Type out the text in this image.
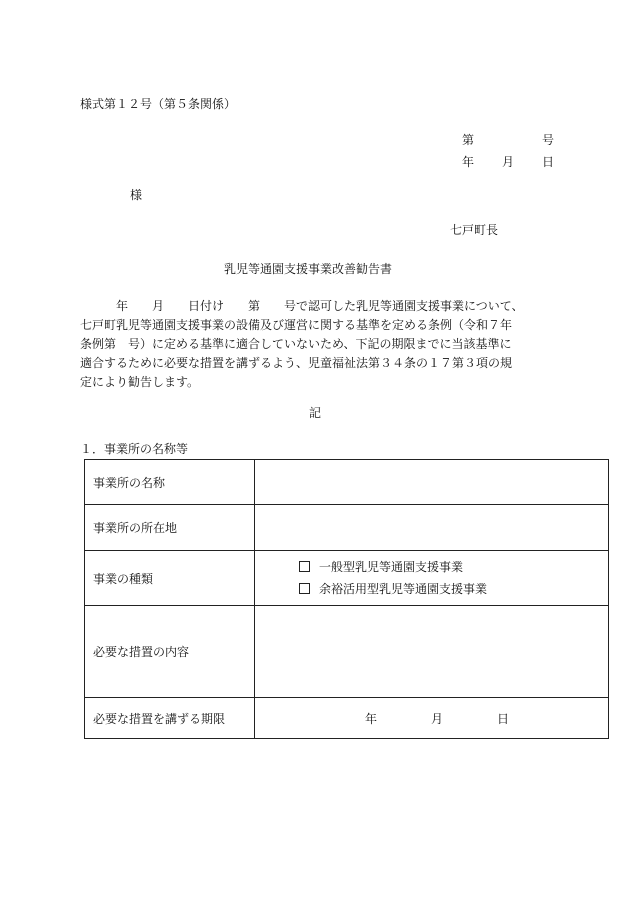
様式第１２号（第５条関係）
第	号
年 月 日
様
七戸町長
乳児等通園支援事業改善勧告書
　　　年　　月　　日付け　　第　　号で認可した乳児等通園支援事業について、
七戸町乳児等通園支援事業の設備及び運営に関する基準を定める条例（令和７年
条例第　号）に定める基準に適合していないため、下記の期限までに当該基準に
適合するために必要な措置を講ずるよう、児童福祉法第３４条の１７第３項の規
定により勧告します。
記
１．事業所の名称等
事業所の名称	
事業所の所在地	
事業の種類	一般型乳児等通園支援事業
余裕活用型乳児等通園支援事業

必要な措置の内容	
必要な措置を講ずる期限	年 月 日
